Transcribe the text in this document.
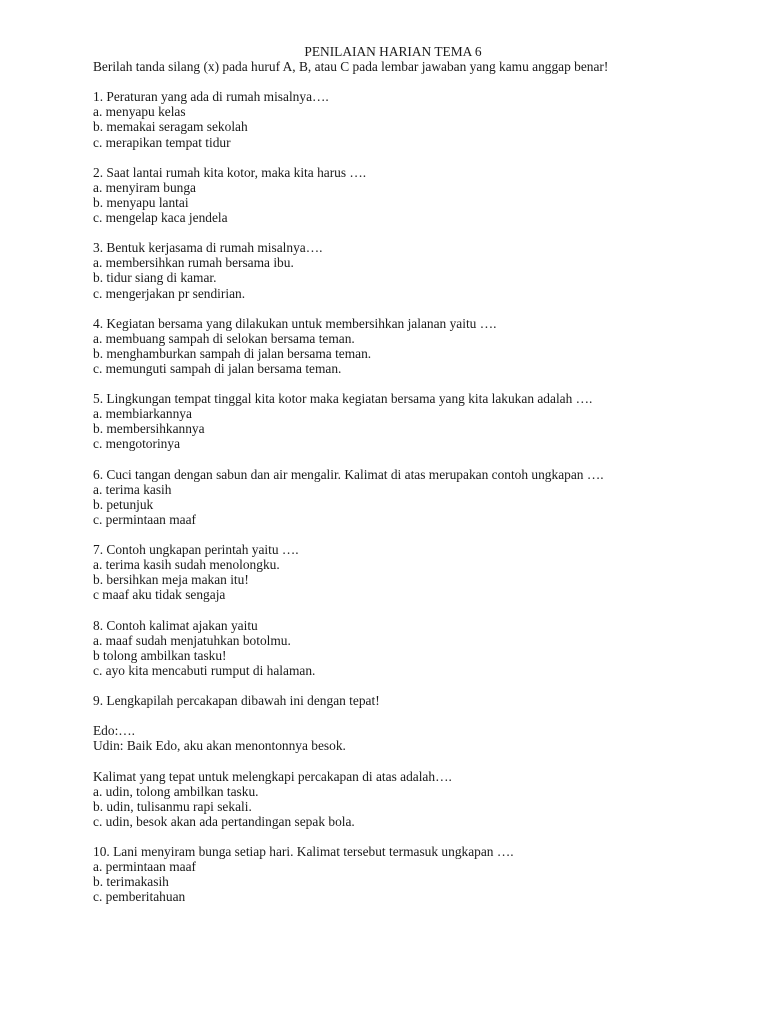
PENILAIAN HARIAN TEMA 6
Berilah tanda silang (x) pada huruf A, B, atau C pada lembar jawaban yang kamu anggap benar!
1. Peraturan yang ada di rumah misalnya….
a. menyapu kelas
b. memakai seragam sekolah
c. merapikan tempat tidur
2. Saat lantai rumah kita kotor, maka kita harus ….
a. menyiram bunga
b. menyapu lantai
c. mengelap kaca jendela
3. Bentuk kerjasama di rumah misalnya….
a. membersihkan rumah bersama ibu.
b. tidur siang di kamar.
c. mengerjakan pr sendirian.
4. Kegiatan bersama yang dilakukan untuk membersihkan jalanan yaitu ….
a. membuang sampah di selokan bersama teman.
b. menghamburkan sampah di jalan bersama teman.
c. memunguti sampah di jalan bersama teman.
5. Lingkungan tempat tinggal kita kotor maka kegiatan bersama yang kita lakukan adalah ….
a. membiarkannya
b. membersihkannya
c. mengotorinya
6. Cuci tangan dengan sabun dan air mengalir. Kalimat di atas merupakan contoh ungkapan ….
a. terima kasih
b. petunjuk
c. permintaan maaf
7. Contoh ungkapan perintah yaitu ….
a. terima kasih sudah menolongku.
b. bersihkan meja makan itu!
c maaf aku tidak sengaja
8. Contoh kalimat ajakan yaitu
a. maaf sudah menjatuhkan botolmu.
b tolong ambilkan tasku!
c. ayo kita mencabuti rumput di halaman.
9. Lengkapilah percakapan dibawah ini dengan tepat!
Edo:….
Udin: Baik Edo, aku akan menontonnya besok.
Kalimat yang tepat untuk melengkapi percakapan di atas adalah….
a. udin, tolong ambilkan tasku.
b. udin, tulisanmu rapi sekali.
c. udin, besok akan ada pertandingan sepak bola.
10. Lani menyiram bunga setiap hari. Kalimat tersebut termasuk ungkapan ….
a. permintaan maaf
b. terimakasih
c. pemberitahuan
